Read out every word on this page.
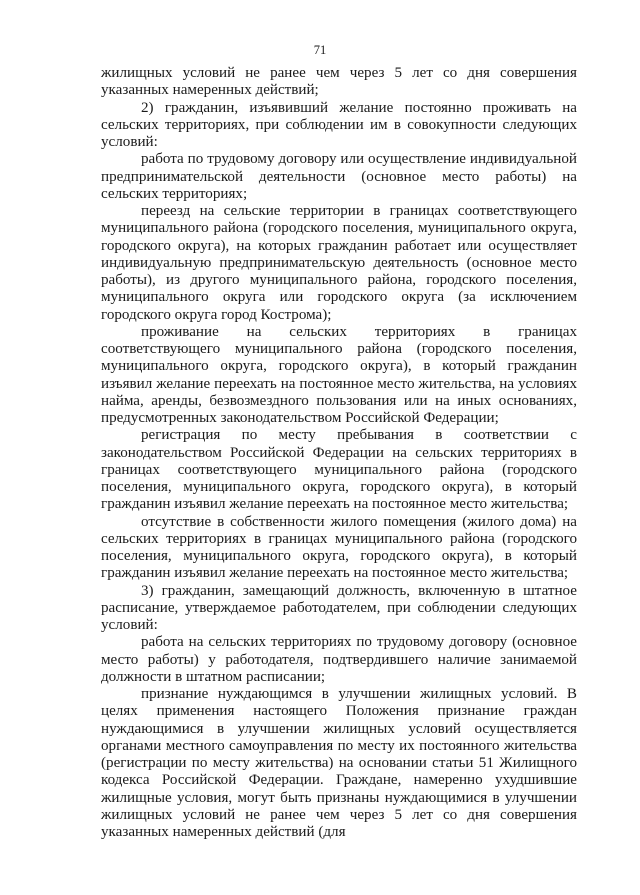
71

жилищных условий не ранее чем через 5 лет со дня совершения указанных намеренных действий;

2) гражданин, изъявивший желание постоянно проживать на сельских территориях, при соблюдении им в совокупности следующих условий:

работа по трудовому договору или осуществление индивидуальной предпринимательской деятельности (основное место работы) на сельских территориях;

переезд на сельские территории в границах соответствующего муниципального района (городского поселения, муниципального округа, городского округа), на которых гражданин работает или осуществляет индивидуальную предпринимательскую деятельность (основное место работы), из другого муниципального района, городского поселения, муниципального округа или городского округа (за исключением городского округа город Кострома);

проживание на сельских территориях в границах соответствующего муниципального района (городского поселения, муниципального округа, городского округа), в который гражданин изъявил желание переехать на постоянное место жительства, на условиях найма, аренды, безвозмездного пользования или на иных основаниях, предусмотренных законодательством Российской Федерации;

регистрация по месту пребывания в соответствии с законодательством Российской Федерации на сельских территориях в границах соответствующего муниципального района (городского поселения, муниципального округа, городского округа), в который гражданин изъявил желание переехать на постоянное место жительства;

отсутствие в собственности жилого помещения (жилого дома) на сельских территориях в границах муниципального района (городского поселения, муниципального округа, городского округа), в который гражданин изъявил желание переехать на постоянное место жительства;

3) гражданин, замещающий должность, включенную в штатное расписание, утверждаемое работодателем, при соблюдении следующих условий:

работа на сельских территориях по трудовому договору (основное место работы) у работодателя, подтвердившего наличие занимаемой должности в штатном расписании;

признание нуждающимся в улучшении жилищных условий. В целях применения настоящего Положения признание граждан нуждающимися в улучшении жилищных условий осуществляется органами местного самоуправления по месту их постоянного жительства (регистрации по месту жительства) на основании статьи 51 Жилищного кодекса Российской Федерации. Граждане, намеренно ухудшившие жилищные условия, могут быть признаны нуждающимися в улучшении жилищных условий не ранее чем через 5 лет со дня совершения указанных намеренных действий (для
